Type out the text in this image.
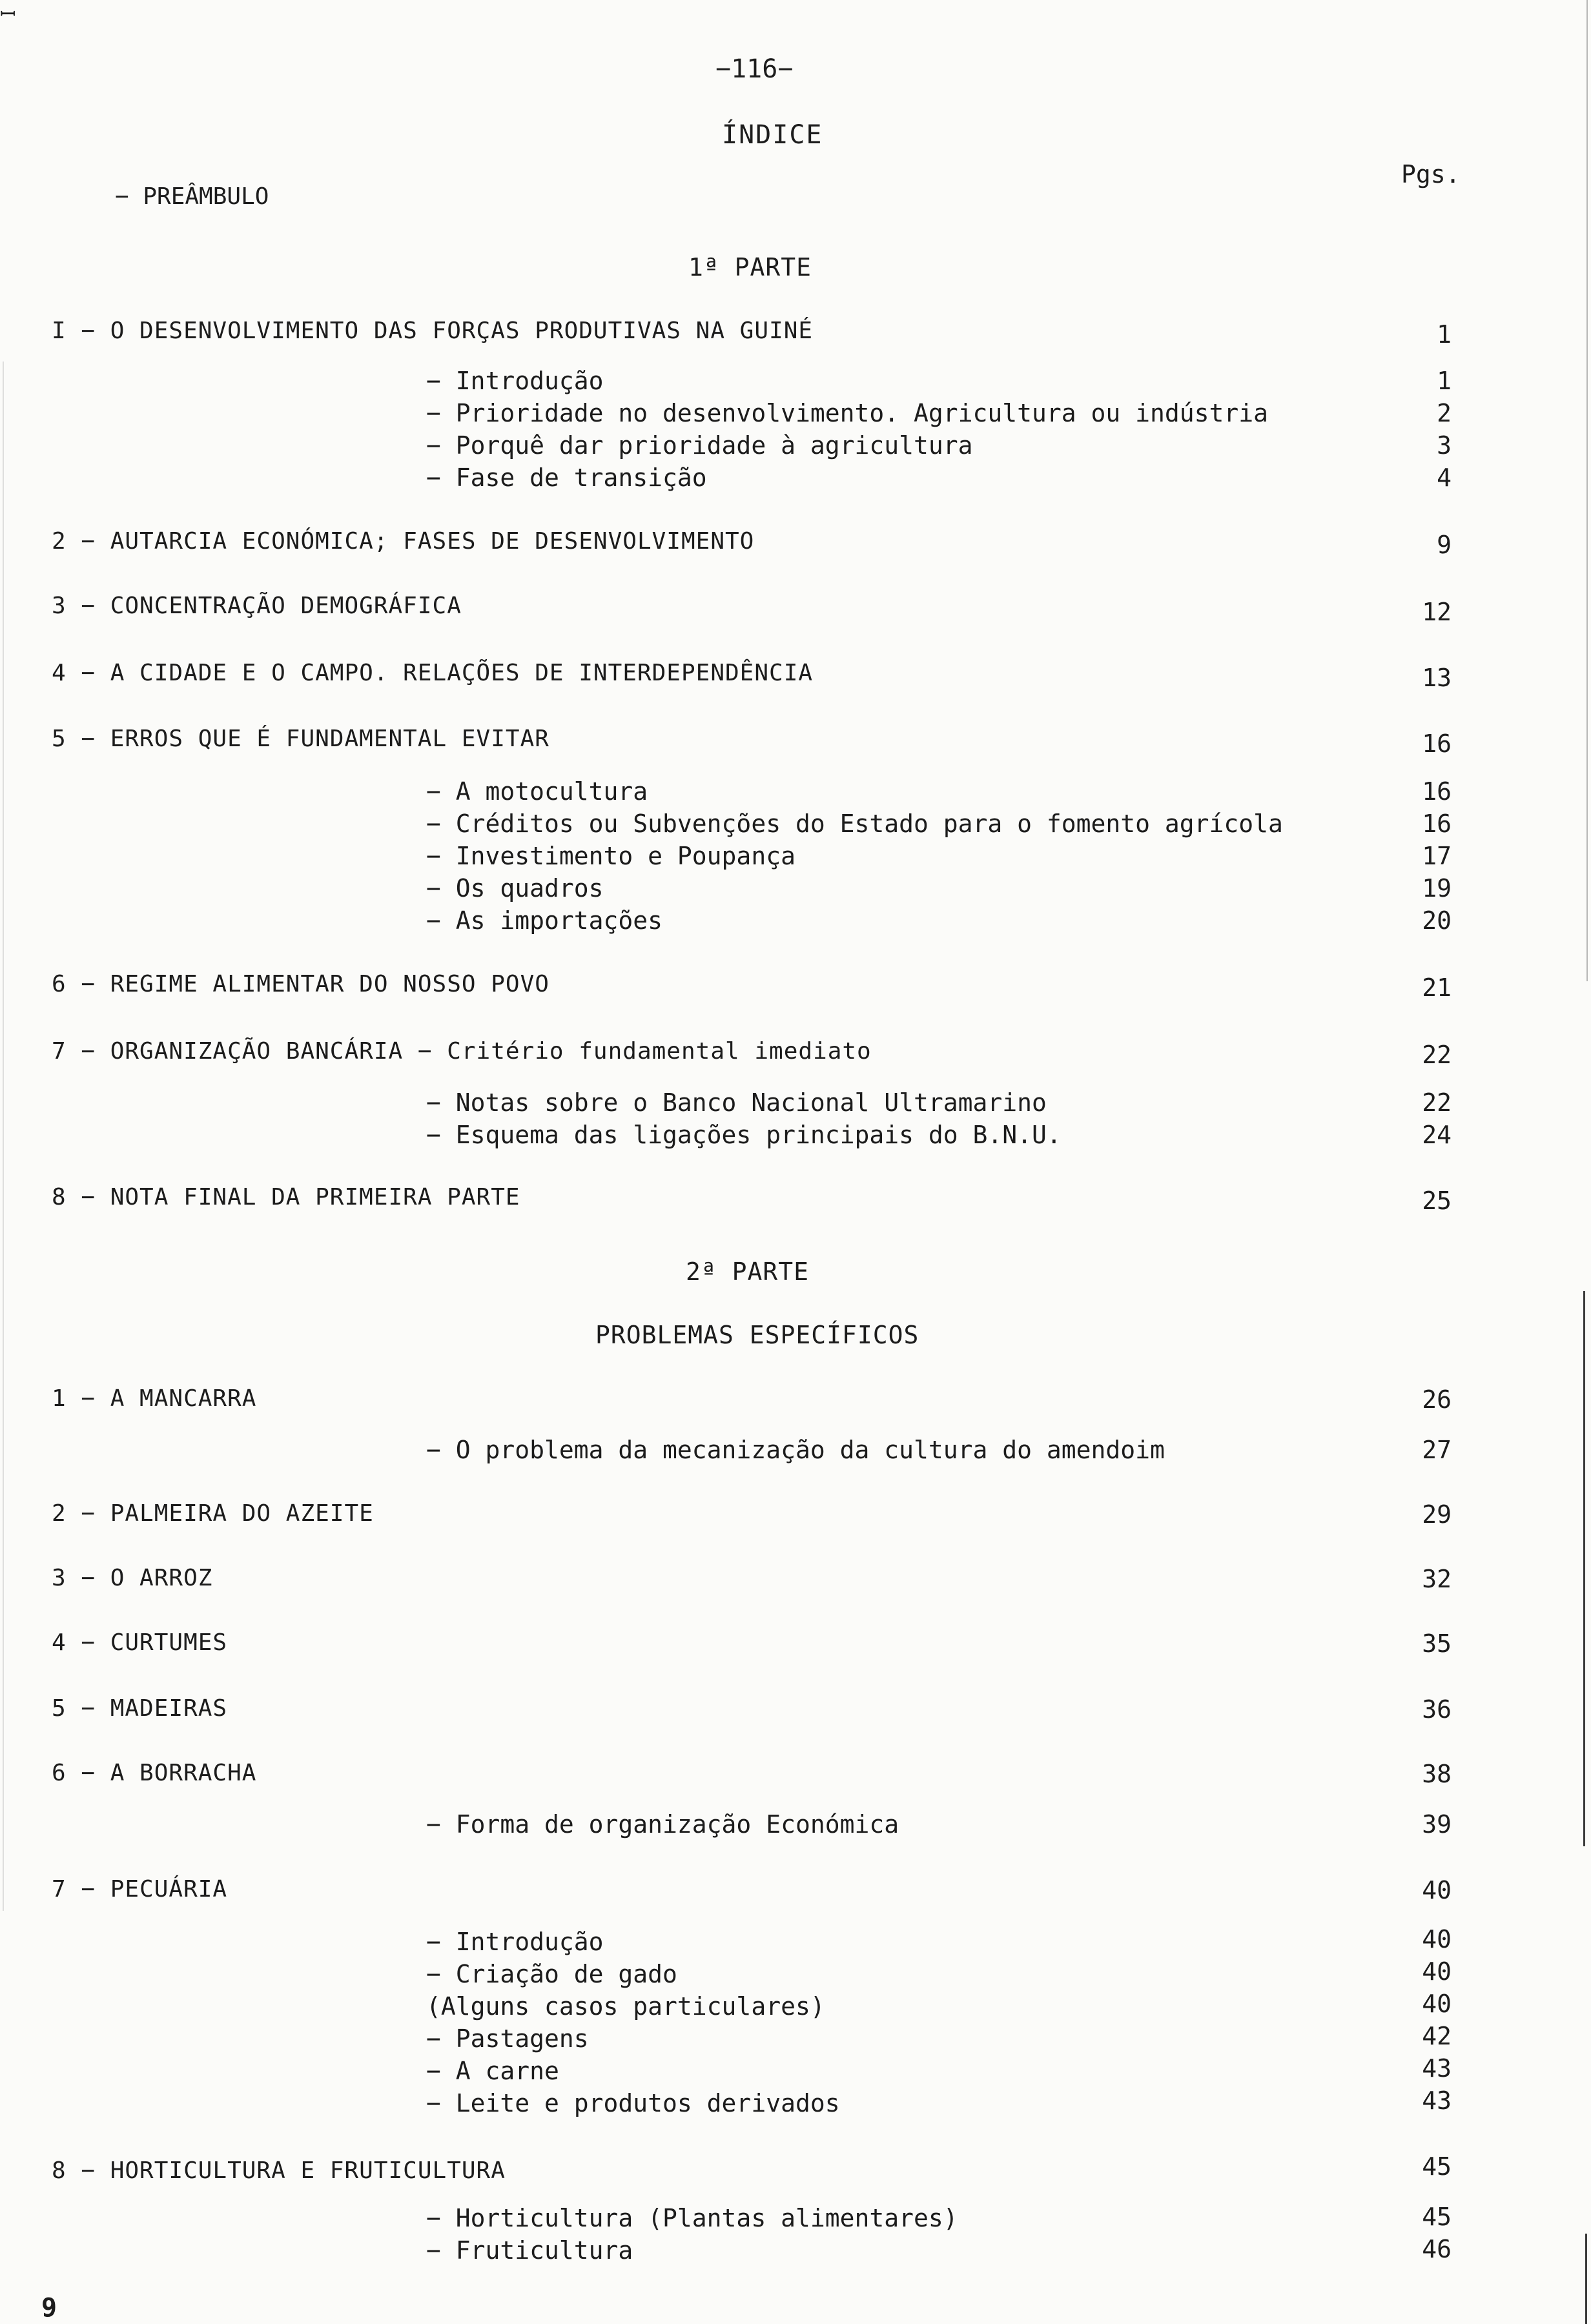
ꟷ
−116−
ÍNDICE
Pgs.
− PREÂMBULO
1ª PARTE
I − O DESENVOLVIMENTO DAS FORÇAS PRODUTIVAS NA GUINÉ	1
− Introdução	1
− Prioridade no desenvolvimento. Agricultura ou indústria	2
− Porquê dar prioridade à agricultura	3
− Fase de transição	4
2 − AUTARCIA ECONÓMICA; FASES DE DESENVOLVIMENTO	9
3 − CONCENTRAÇÃO DEMOGRÁFICA	12
4 − A CIDADE E O CAMPO. RELAÇÕES DE INTERDEPENDÊNCIA	13
5 − ERROS QUE É FUNDAMENTAL EVITAR	16
− A motocultura	16
− Créditos ou Subvenções do Estado para o fomento agrícola	16
− Investimento e Poupança	17
− Os quadros	19
− As importações	20
6 − REGIME ALIMENTAR DO NOSSO POVO	21
7 − ORGANIZAÇÃO BANCÁRIA − Critério fundamental imediato	22
− Notas sobre o Banco Nacional Ultramarino	22
− Esquema das ligações principais do B.N.U.	24
8 − NOTA FINAL DA PRIMEIRA PARTE	25
2ª PARTE
PROBLEMAS ESPECÍFICOS
1 − A MANCARRA	26
− O problema da mecanização da cultura do amendoim	27
2 − PALMEIRA DO AZEITE	29
3 − O ARROZ	32
4 − CURTUMES	35
5 − MADEIRAS	36
6 − A BORRACHA	38
− Forma de organização Económica	39
7 − PECUÁRIA	40
− Introdução	40
− Criação de gado	40
(Alguns casos particulares)	40
− Pastagens	42
− A carne	43
− Leite e produtos derivados	43
8 − HORTICULTURA E FRUTICULTURA	45
− Horticultura (Plantas alimentares)	45
− Fruticultura	46
9
